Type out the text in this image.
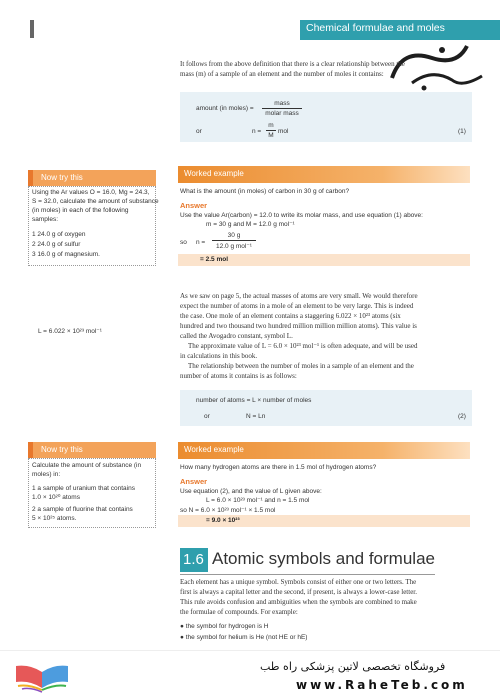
Chemical formulae and moles
It follows from the above definition that there is a clear relationship between the
mass (m) of a sample of an element and the number of moles it contains:
amount (in moles) =
mass
molar mass
or	n =
m
M
mol	(1)
Now try this
Using the Ar values O = 16.0, Mg = 24.3,
S = 32.0, calculate the amount of substance
(in moles) in each of the following
samples:
1 24.0 g of oxygen
2 24.0 g of sulfur
3 16.0 g of magnesium.
Worked example
What is the amount (in moles) of carbon in 30 g of carbon?
Answer
Use the value Ar(carbon) = 12.0 to write its molar mass, and use equation (1) above:
m = 30 g and M = 12.0 g mol⁻¹
so n =
30 g
12.0 g mol⁻¹
= 2.5 mol
As we saw on page 5, the actual masses of atoms are very small. We would therefore
expect the number of atoms in a mole of an element to be very large. This is indeed
the case. One mole of an element contains a staggering 6.022 × 10²³ atoms (six
hundred and two thousand two hundred million million million atoms). This value is
called the Avogadro constant, symbol L.
The approximate value of L = 6.0 × 10²³ mol⁻¹ is often adequate, and will be used
in calculations in this book.
The relationship between the number of moles in a sample of an element and the
number of atoms it contains is as follows:
L = 6.022 × 10²³ mol⁻¹
number of atoms = L × number of moles
or	N = Ln	(2)
Now try this
Calculate the amount of substance (in
moles) in:
1 a sample of uranium that contains
1.0 × 10²⁰ atoms
2 a sample of fluorine that contains
5 × 10²⁵ atoms.
Worked example
How many hydrogen atoms are there in 1.5 mol of hydrogen atoms?
Answer
Use equation (2), and the value of L given above:
L = 6.0 × 10²³ mol⁻¹ and n = 1.5 mol
so N = 6.0 × 10²³ mol⁻¹ × 1.5 mol
= 9.0 × 10²³
1.6 Atomic symbols and formulae
Each element has a unique symbol. Symbols consist of either one or two letters. The
first is always a capital letter and the second, if present, is always a lower-case letter.
This rule avoids confusion and ambiguities when the symbols are combined to make
the formulae of compounds. For example:
● the symbol for hydrogen is H
● the symbol for helium is He (not HE or hE)
فروشگاه تخصصی لاتین پزشکی راه طب
www.RaheTeb.com
